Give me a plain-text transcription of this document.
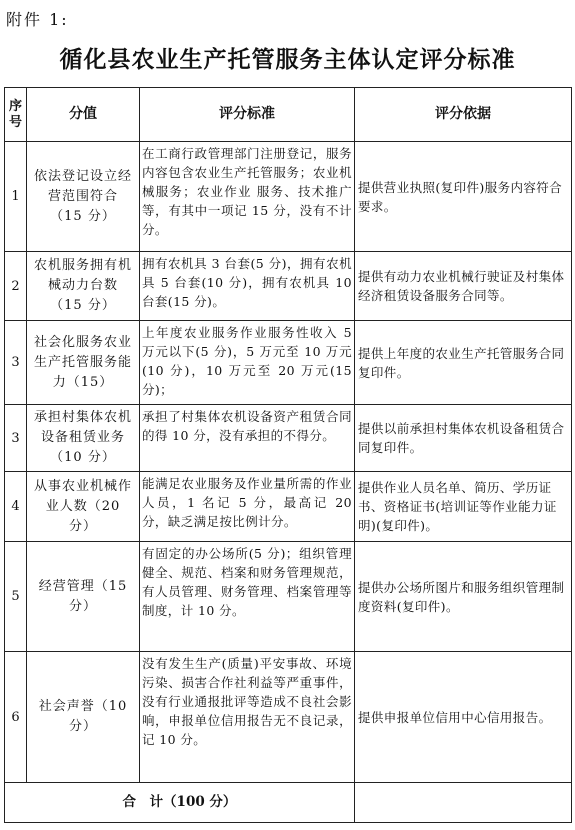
附件 1:
循化县农业生产托管服务主体认定评分标准
序号	分值	评分标准	评分依据
1	依法登记设立经营范围符合（15 分）	在工商行政管理部门注册登记，服务内容包含农业生产托管服务；农业机械服务；农业作业 服务、技术推广等，有其中一项记 15 分，没有不计分。	提供营业执照(复印件)服务内容符合要求。
2	农机服务拥有机械动力台数（15 分）	拥有农机具 3 台套(5 分)，拥有农机具 5 台套(10 分)，拥有农机具 10 台套(15 分)。	提供有动力农业机械行驶证及村集体经济租赁设备服务合同等。
3	社会化服务农业生产托管服务能力（15）	上年度农业服务作业服务性收入 5 万元以下(5 分)，5 万元至 10 万元(10 分)，10 万元至 20 万元(15 分)；	提供上年度的农业生产托管服务合同复印件。
3	承担村集体农机设备租赁业务（10 分）	承担了村集体农机设备资产租赁合同的得 10 分，没有承担的不得分。	提供以前承担村集体农机设备租赁合同复印件。
4	从事农业机械作业人数（20 分）	能满足农业服务及作业量所需的作业人员，1 名记 5 分，最高记 20 分，缺乏满足按比例计分。	提供作业人员名单、简历、学历证书、资格证书(培训证等作业能力证明)(复印件)。
5	经营管理（15 分）	有固定的办公场所(5 分)；组织管理健全、规范、档案和财务管理规范，有人员管理、财务管理、档案管理等制度，计 10 分。	提供办公场所图片和服务组织管理制度资料(复印件)。
6	社会声誉（10 分）	没有发生生产(质量)平安事故、环境污染、损害合作社利益等严重事件，没有行业通报批评等造成不良社会影响，申报单位信用报告无不良记录，记 10 分。	提供申报单位信用中心信用报告。
合　计（100 分）			
